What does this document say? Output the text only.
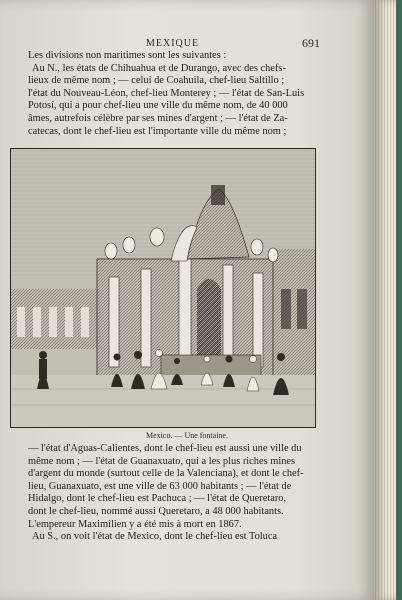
MEXIQUE	691

Les divisions non maritimes sont les suivantes :
Au N., les états de Chihuahua et de Durango, avec des chefs-
lieux de même nom ; — celui de Coahuila, chef-lieu Saltillo ;
l'état du Nouveau-Léon, chef-lieu Monterey ; — l'état de San-Luis
Potosí, qui a pour chef-lieu une ville du même nom, de 40 000
âmes, autrefois célèbre par ses mines d'argent ; — l'état de Za-
catecas, dont le chef-lieu est l'importante ville du même nom ;

Mexico. — Une fontaine.

— l'état d'Aguas-Calientes, dont le chef-lieu est aussi une ville du
même nom ; — l'état de Guanaxuato, qui a les plus riches mines
d'argent du monde (surtout celle de la Valenciana), et dont le chef-
lieu, Guanaxuato, est une ville de 63 000 habitants ; — l'état de
Hidalgo, dont le chef-lieu est Pachuca ; — l'état de Queretaro,
dont le chef-lieu, nommé aussi Queretaro, a 48 000 habitants.
L'empereur Maximilien y a été mis à mort en 1867.
Au S., on voit l'état de Mexico, dont le chef-lieu est Toluca
